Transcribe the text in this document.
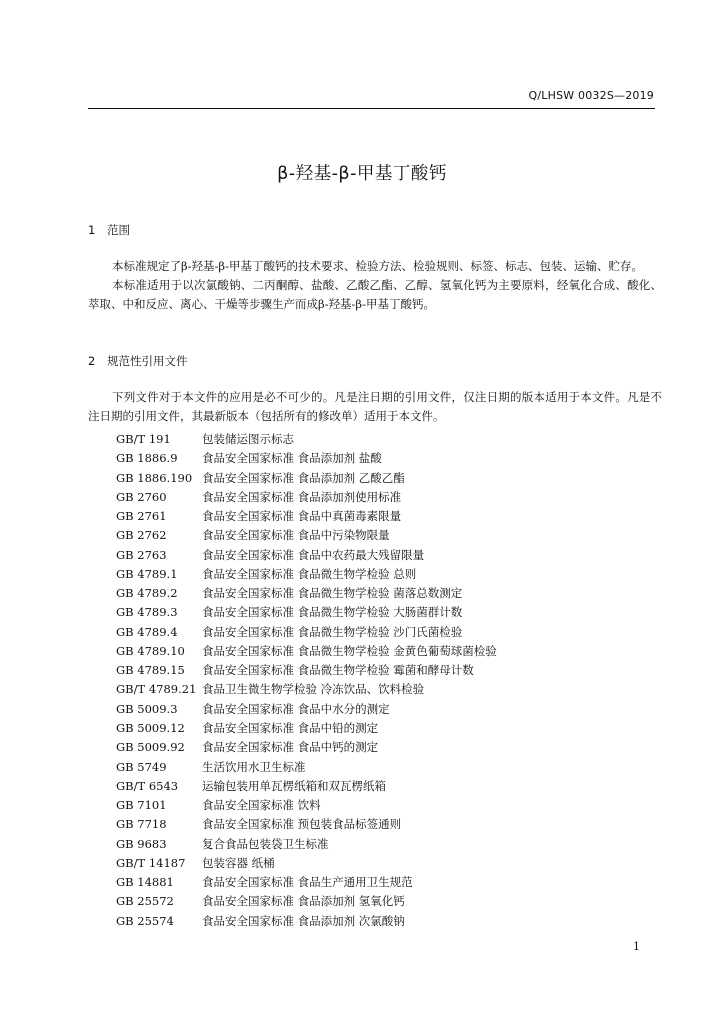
Q/LHSW 0032S—2019
β-羟基-β-甲基丁酸钙
1 范围
本标准规定了β-羟基-β-甲基丁酸钙的技术要求、检验方法、检验规则、标签、标志、包装、运输、贮存。
本标准适用于以次氯酸钠、二丙酮醇、盐酸、乙酸乙酯、乙醇、氢氧化钙为主要原料，经氧化合成、酸化、萃取、中和反应、离心、干燥等步骤生产而成β-羟基-β-甲基丁酸钙。
2 规范性引用文件
下列文件对于本文件的应用是必不可少的。凡是注日期的引用文件，仅注日期的版本适用于本文件。凡是不注日期的引用文件，其最新版本（包括所有的修改单）适用于本文件。
GB/T 191	包装储运图示标志
GB 1886.9 食品安全国家标准 食品添加剂 盐酸
GB 1886.190 食品安全国家标准 食品添加剂 乙酸乙酯
GB 2760	食品安全国家标准 食品添加剂使用标准
GB 2761	食品安全国家标准 食品中真菌毒素限量
GB 2762	食品安全国家标准 食品中污染物限量
GB 2763	食品安全国家标准 食品中农药最大残留限量
GB 4789.1 食品安全国家标准 食品微生物学检验 总则
GB 4789.2 食品安全国家标准 食品微生物学检验 菌落总数测定
GB 4789.3 食品安全国家标准 食品微生物学检验 大肠菌群计数
GB 4789.4 食品安全国家标准 食品微生物学检验 沙门氏菌检验
GB 4789.10 食品安全国家标准 食品微生物学检验 金黄色葡萄球菌检验
GB 4789.15 食品安全国家标准 食品微生物学检验 霉菌和酵母计数
GB/T 4789.21 食品卫生微生物学检验 冷冻饮品、饮料检验
GB 5009.3 食品安全国家标准 食品中水分的测定
GB 5009.12 食品安全国家标准 食品中铅的测定
GB 5009.92 食品安全国家标准 食品中钙的测定
GB 5749	生活饮用水卫生标准
GB/T 6543 运输包装用单瓦楞纸箱和双瓦楞纸箱
GB 7101	食品安全国家标准 饮料
GB 7718	食品安全国家标准 预包装食品标签通则
GB 9683	复合食品包装袋卫生标准
GB/T 14187 包装容器 纸桶
GB 14881 食品安全国家标准 食品生产通用卫生规范
GB 25572 食品安全国家标准 食品添加剂 氢氧化钙
GB 25574 食品安全国家标准 食品添加剂 次氯酸钠
1
